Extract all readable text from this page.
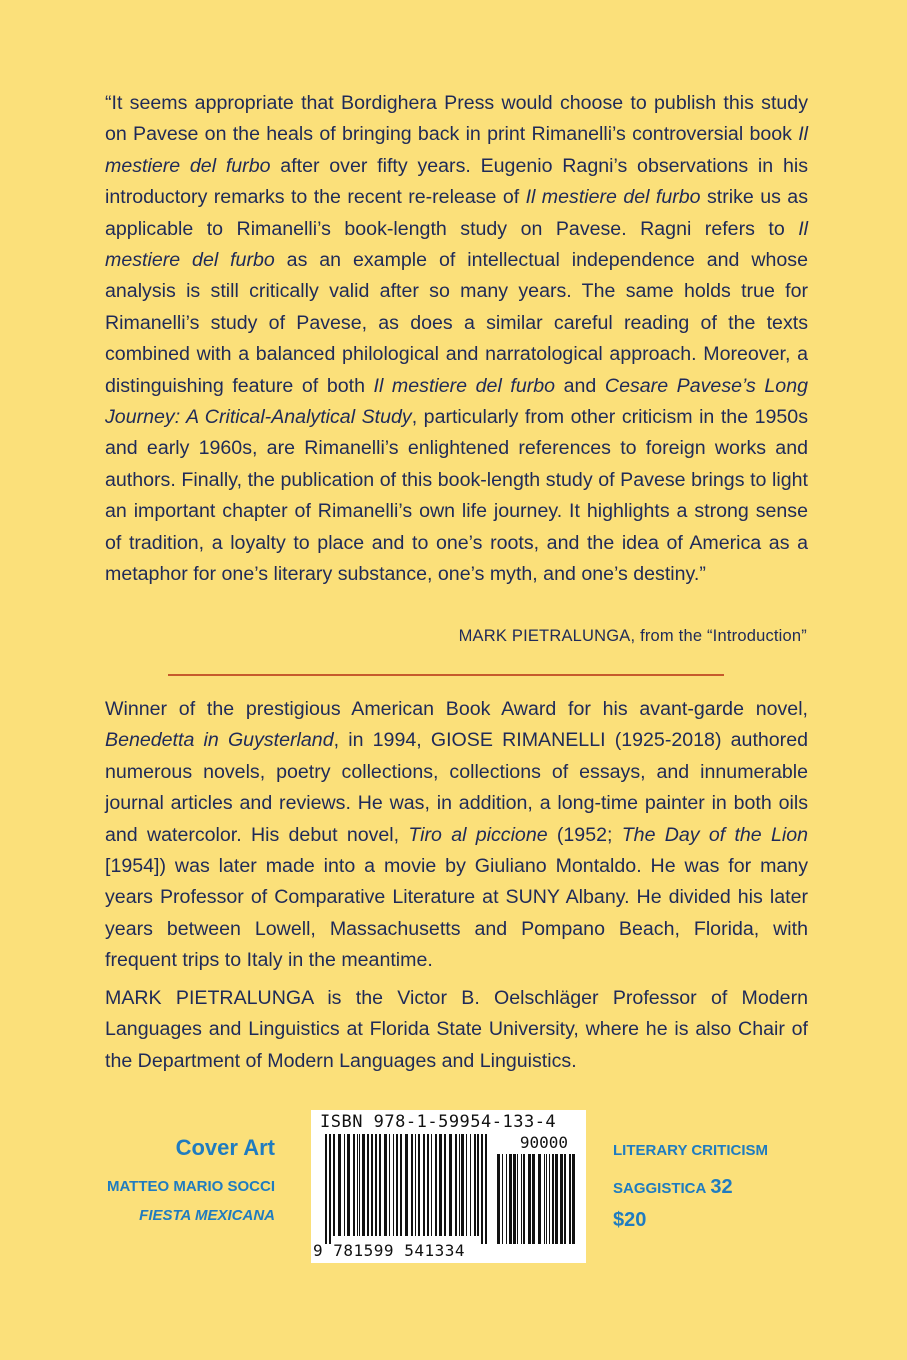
“It seems appropriate that Bordighera Press would choose to publish this study on Pavese on the heals of bringing back in print Rimanelli’s controversial book Il mestiere del furbo after over fifty years. Eugenio Ragni’s observations in his introductory remarks to the recent re-release of Il mestiere del furbo strike us as applicable to Rimanelli’s book-length study on Pavese. Ragni refers to Il mestiere del furbo as an example of intellectual independence and whose analysis is still critically valid after so many years. The same holds true for Rimanelli’s study of Pavese, as does a similar careful reading of the texts combined with a balanced philological and narratological approach. Moreover, a distinguishing feature of both Il mestiere del furbo and Cesare Pavese’s Long Journey: A Critical-Analytical Study, particularly from other criticism in the 1950s and early 1960s, are Rimanelli’s enlightened references to foreign works and authors. Finally, the publication of this book-length study of Pavese brings to light an important chapter of Rimanelli’s own life journey. It highlights a strong sense of tradition, a loyalty to place and to one’s roots, and the idea of America as a metaphor for one’s literary substance, one’s myth, and one’s destiny.”

MARK PIETRALUNGA, from the “Introduction”

Winner of the prestigious American Book Award for his avant-garde novel, Benedetta in Guysterland, in 1994, GIOSE RIMANELLI (1925-2018) authored numerous novels, poetry collections, collections of essays, and innumerable journal articles and reviews. He was, in addition, a long-time painter in both oils and watercolor. His debut novel, Tiro al piccione (1952; The Day of the Lion [1954]) was later made into a movie by Giuliano Montaldo. He was for many years Professor of Comparative Literature at SUNY Albany. He divided his later years between Lowell, Massachusetts and Pompano Beach, Florida, with frequent trips to Italy in the meantime.

MARK PIETRALUNGA is the Victor B. Oelschläger Professor of Modern Languages and Linguistics at Florida State University, where he is also Chair of the Department of Modern Languages and Linguistics.

Cover Art
MATTEO MARIO SOCCI
FIESTA MEXICANA
ISBN 978-1-59954-133-4
90000
9 781599 541334
LITERARY CRITICISM
SAGGISTICA 32
$20
